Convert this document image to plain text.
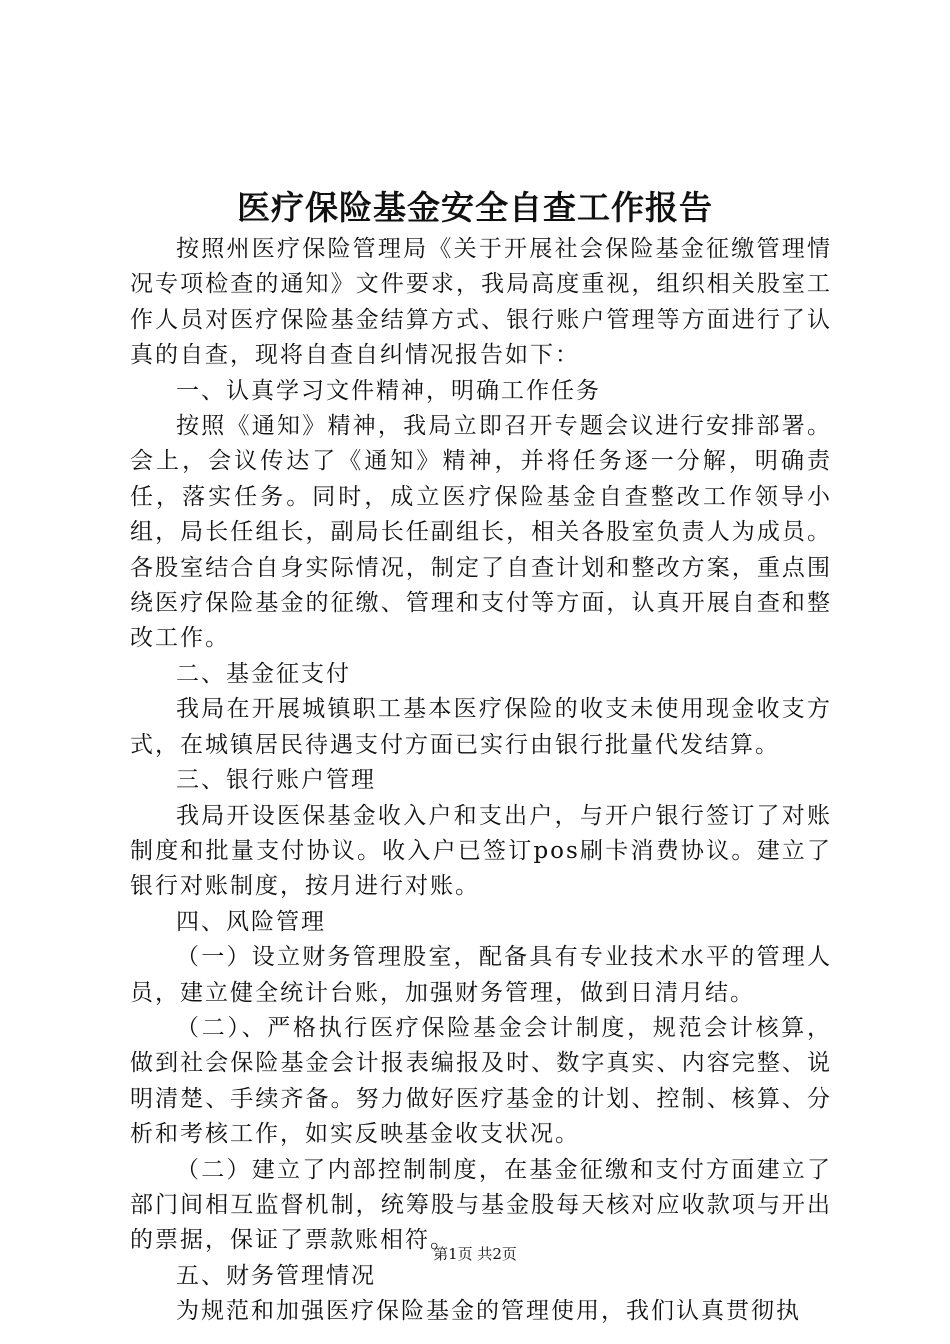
医疗保险基金安全自查工作报告

按照州医疗保险管理局《关于开展社会保险基金征缴管理情况专项检查的通知》文件要求，我局高度重视，组织相关股室工作人员对医疗保险基金结算方式、银行账户管理等方面进行了认真的自查，现将自查自纠情况报告如下：

一、认真学习文件精神，明确工作任务

按照《通知》精神，我局立即召开专题会议进行安排部署。会上，会议传达了《通知》精神，并将任务逐一分解，明确责任，落实任务。同时，成立医疗保险基金自查整改工作领导小组，局长任组长，副局长任副组长，相关各股室负责人为成员。各股室结合自身实际情况，制定了自查计划和整改方案，重点围绕医疗保险基金的征缴、管理和支付等方面，认真开展自查和整改工作。

二、基金征支付

我局在开展城镇职工基本医疗保险的收支未使用现金收支方式，在城镇居民待遇支付方面已实行由银行批量代发结算。

三、银行账户管理

我局开设医保基金收入户和支出户，与开户银行签订了对账制度和批量支付协议。收入户已签订pos刷卡消费协议。建立了银行对账制度，按月进行对账。

四、风险管理

（一）设立财务管理股室，配备具有专业技术水平的管理人员，建立健全统计台账，加强财务管理，做到日清月结。

（二）、严格执行医疗保险基金会计制度，规范会计核算，做到社会保险基金会计报表编报及时、数字真实、内容完整、说明清楚、手续齐备。努力做好医疗基金的计划、控制、核算、分析和考核工作，如实反映基金收支状况。

（二）建立了内部控制制度，在基金征缴和支付方面建立了部门间相互监督机制，统筹股与基金股每天核对应收款项与开出的票据，保证了票款账相符。

五、财务管理情况

为规范和加强医疗保险基金的管理使用，我们认真贯彻执

第1页 共2页
